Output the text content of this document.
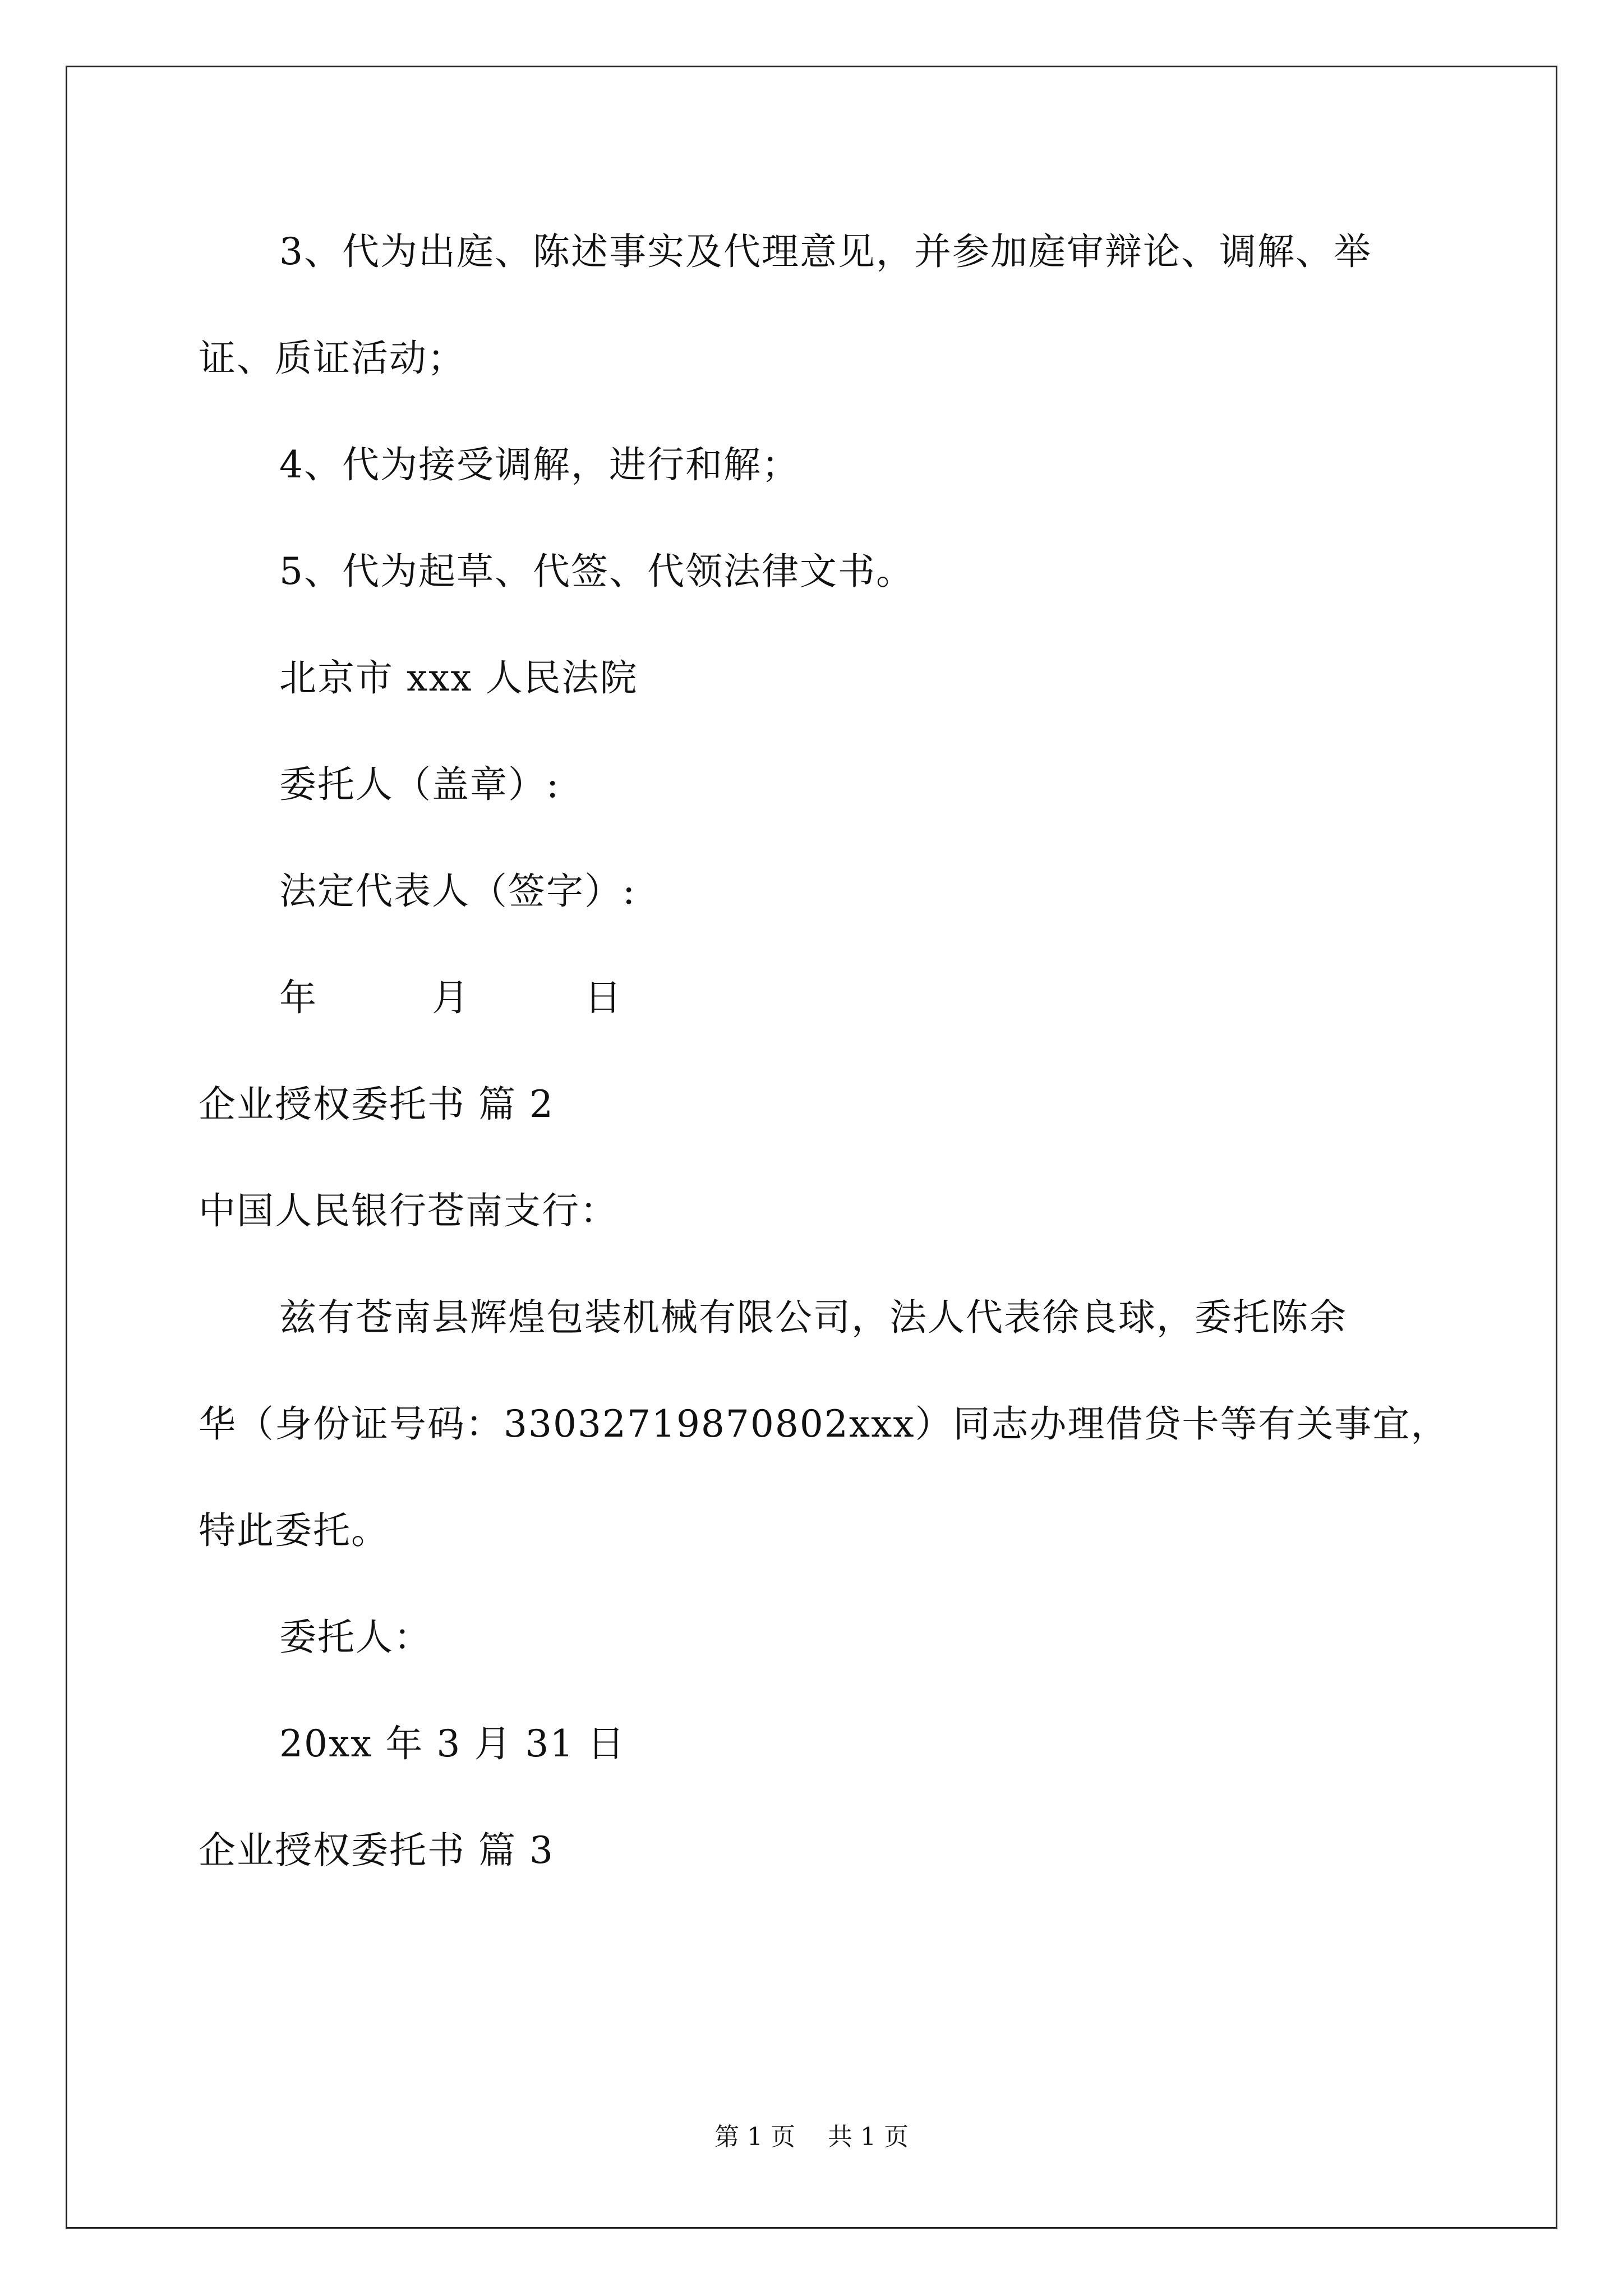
3、代为出庭、陈述事实及代理意见，并参加庭审辩论、调解、举
证、质证活动；
4、代为接受调解，进行和解；
5、代为起草、代签、代领法律文书。
北京市 xxx 人民法院
委托人（盖章）:
法定代表人（签字）:
年　　　月　　　日
企业授权委托书 篇 2
中国人民银行苍南支行：
兹有苍南县辉煌包装机械有限公司，法人代表徐良球，委托陈余
华（身份证号码：33032719870802xxx）同志办理借贷卡等有关事宜，
特此委托。
委托人：
20xx 年 3 月 31 日
企业授权委托书 篇 3
第 1 页　 共 1 页
